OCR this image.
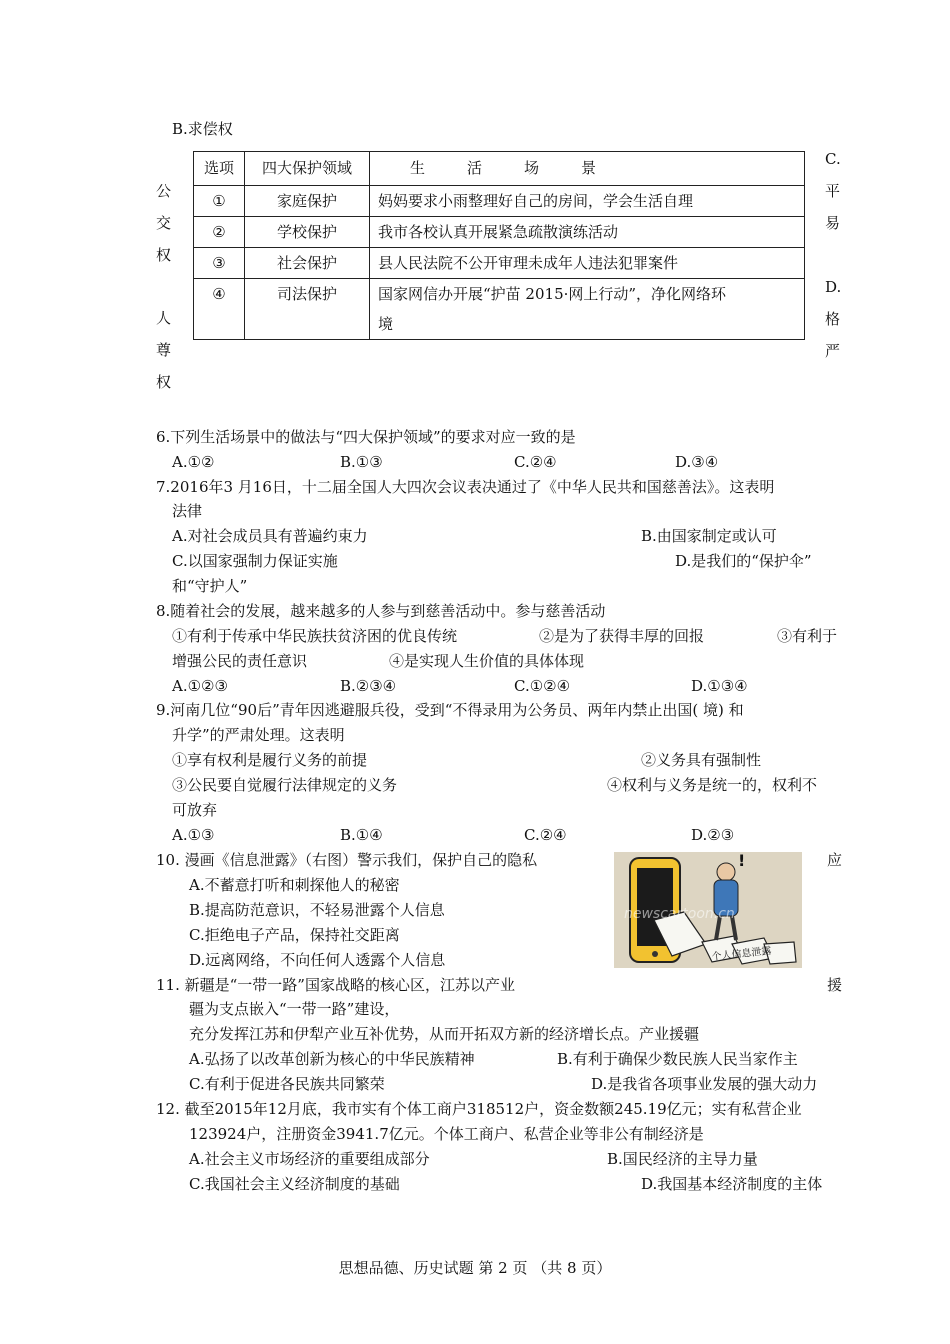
B.求偿权
公
交
权
人
尊
权
C.
平
易
D.
格
严
选项	四大保护领域	生活场景
①	家庭保护	妈妈要求小雨整理好自己的房间，学会生活自理
②	学校保护	我市各校认真开展紧急疏散演练活动
③	社会保护	县人民法院不公开审理未成年人违法犯罪案件
④	司法保护	国家网信办开展“护苗 2015·网上行动”，净化网络环
境
6.下列生活场景中的做法与“四大保护领域”的要求对应一致的是
A.①②	B.①③	C.②④	D.③④
7.2016年3 月16日，十二届全国人大四次会议表决通过了《中华人民共和国慈善法》。这表明
法律
A.对社会成员具有普遍约束力	B.由国家制定或认可
C.以国家强制力保证实施	D.是我们的“保护伞”
和“守护人”
8.随着社会的发展，越来越多的人参与到慈善活动中。参与慈善活动
①有利于传承中华民族扶贫济困的优良传统	②是为了获得丰厚的回报	③有利于
增强公民的责任意识	④是实现人生价值的具体体现
A.①②③	B.②③④	C.①②④	D.①③④
9.河南几位“90后”青年因逃避服兵役，受到“不得录用为公务员、两年内禁止出国( 境) 和
升学”的严肃处理。这表明
①享有权利是履行义务的前提	②义务具有强制性
③公民要自觉履行法律规定的义务	④权利与义务是统一的，权利不
可放弃
A.①③	B.①④	C.②④	D.②③
10. 漫画《信息泄露》（右图）警示我们，保护自己的隐私	应
A.不蓄意打听和刺探他人的秘密
B.提高防范意识，不轻易泄露个人信息
C.拒绝电子产品，保持社交距离
D.远离网络，不向任何人透露个人信息
!
newscartoon.cn
个人信息泄露
11. 新疆是“一带一路”国家战略的核心区，江苏以产业	援
疆为支点嵌入“一带一路”建设，
充分发挥江苏和伊犁产业互补优势，从而开拓双方新的经济增长点。产业援疆
A.弘扬了以改革创新为核心的中华民族精神	B.有利于确保少数民族人民当家作主
C.有利于促进各民族共同繁荣	D.是我省各项事业发展的强大动力
12. 截至2015年12月底，我市实有个体工商户318512户，资金数额245.19亿元；实有私营企业
123924户，注册资金3941.7亿元。个体工商户、私营企业等非公有制经济是
A.社会主义市场经济的重要组成部分	B.国民经济的主导力量
C.我国社会主义经济制度的基础	D.我国基本经济制度的主体
思想品德、历史试题 第 2 页 （共 8 页）
